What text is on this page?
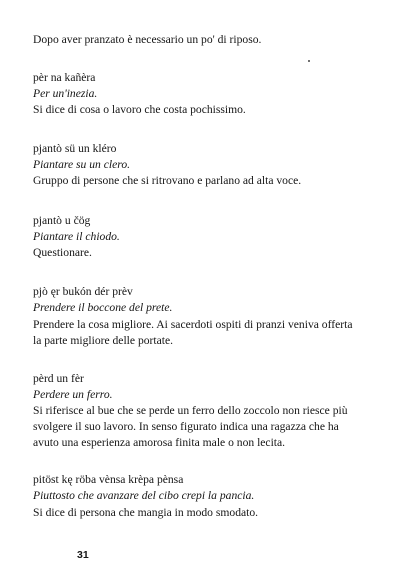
Dopo aver pranzato è necessario un po' di riposo.
pèr na kañèra
Per un'inezia.
Si dice di cosa o lavoro che costa pochissimo.
pjantò sü un kléro
Piantare su un clero.
Gruppo di persone che si ritrovano e parlano ad alta voce.
pjantò u čög
Piantare il chiodo.
Questionare.
pjò ęr bukón dér prèv
Prendere il boccone del prete.
Prendere la cosa migliore. Ai sacerdoti ospiti di pranzi veniva offerta
la parte migliore delle portate.
pèrd un fèr
Perdere un ferro.
Si riferisce al bue che se perde un ferro dello zoccolo non riesce più
svolgere il suo lavoro. In senso figurato indica una ragazza che ha
avuto una esperienza amorosa finita male o non lecita.
pitöst kę röba vènsa krèpa pènsa
Piuttosto che avanzare del cibo crepi la pancia.
Si dice di persona che mangia in modo smodato.
31
